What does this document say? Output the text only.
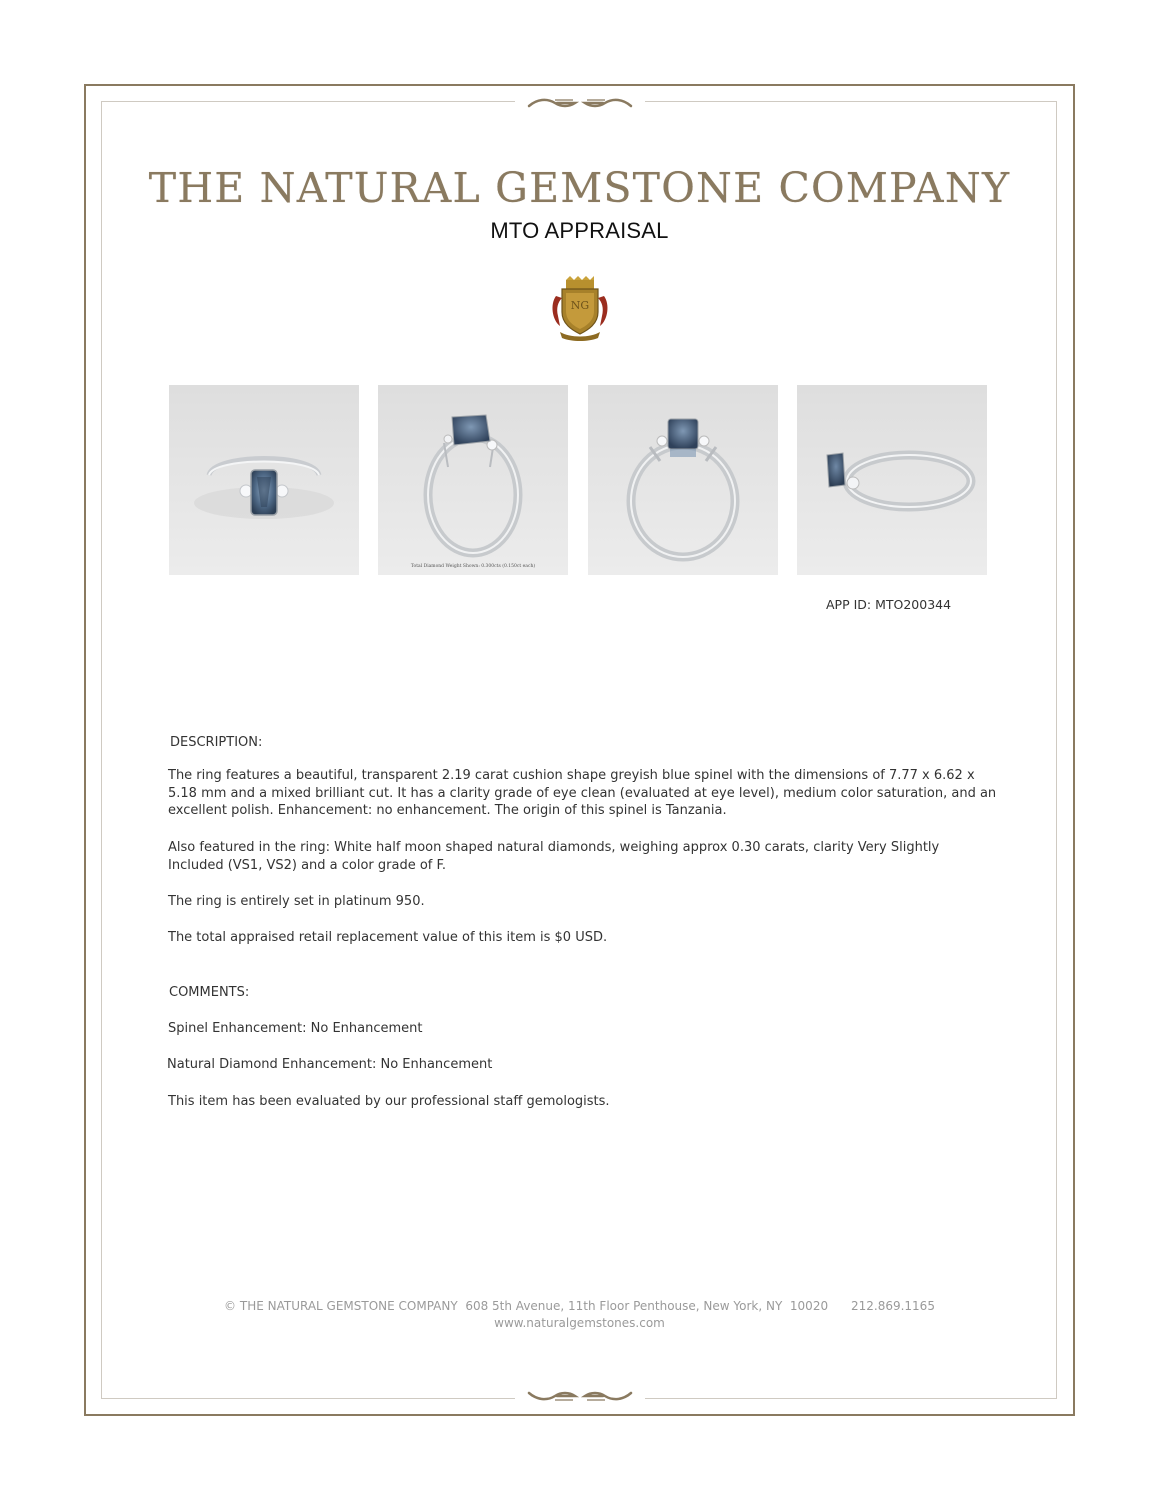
THE NATURAL GEMSTONE COMPANY
MTO APPRAISAL
NG
Total Diamond Weight Shown: 0.300cts (0.150ct each)
APP ID: MTO200344
DESCRIPTION:

The ring features a beautiful, transparent 2.19 carat cushion shape greyish blue spinel with the dimensions of 7.77 x 6.62 x 5.18 mm and a mixed brilliant cut. It has a clarity grade of eye clean (evaluated at eye level), medium color saturation, and an excellent polish. Enhancement: no enhancement. The origin of this spinel is Tanzania.

Also featured in the ring: White half moon shaped natural diamonds, weighing approx 0.30 carats, clarity Very Slightly Included (VS1, VS2) and a color grade of F.

The ring is entirely set in platinum 950.

The total appraised retail replacement value of this item is $0 USD.

COMMENTS:

Spinel Enhancement: No Enhancement

Natural Diamond Enhancement: No Enhancement

This item has been evaluated by our professional staff gemologists.

© THE NATURAL GEMSTONE COMPANY  608 5th Avenue, 11th Floor Penthouse, New York, NY  10020      212.869.1165
www.naturalgemstones.com
